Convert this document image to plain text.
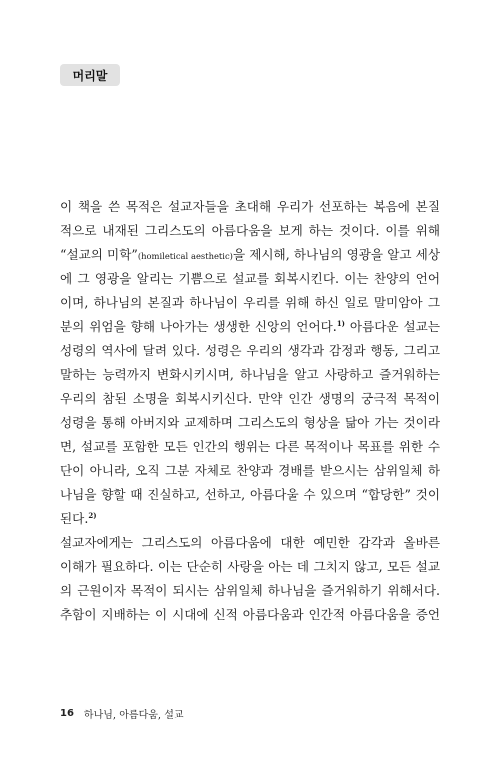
머리말
이 책을 쓴 목적은 설교자들을 초대해 우리가 선포하는 복음에 본질
적으로 내재된 그리스도의 아름다움을 보게 하는 것이다. 이를 위해
“설교의 미학”(homiletical aesthetic)을 제시해, 하나님의 영광을 알고 세상
에 그 영광을 알리는 기쁨으로 설교를 회복시킨다. 이는 찬양의 언어
이며, 하나님의 본질과 하나님이 우리를 위해 하신 일로 말미암아 그
분의 위엄을 향해 나아가는 생생한 신앙의 언어다.$^{1)}$ 아름다운 설교는
성령의 역사에 달려 있다. 성령은 우리의 생각과 감정과 행동, 그리고
말하는 능력까지 변화시키시며, 하나님을 알고 사랑하고 즐거워하는
우리의 참된 소명을 회복시키신다. 만약 인간 생명의 궁극적 목적이
성령을 통해 아버지와 교제하며 그리스도의 형상을 닮아 가는 것이라
면, 설교를 포함한 모든 인간의 행위는 다른 목적이나 목표를 위한 수
단이 아니라, 오직 그분 자체로 찬양과 경배를 받으시는 삼위일체 하
나님을 향할 때 진실하고, 선하고, 아름다울 수 있으며 “합당한” 것이
된다.$^{2)}$
설교자에게는 그리스도의 아름다움에 대한 예민한 감각과 올바른
이해가 필요하다. 이는 단순히 사랑을 아는 데 그치지 않고, 모든 설교
의 근원이자 목적이 되시는 삼위일체 하나님을 즐거워하기 위해서다.
추함이 지배하는 이 시대에 신적 아름다움과 인간적 아름다움을 증언
16 하나님, 아름다움, 설교
